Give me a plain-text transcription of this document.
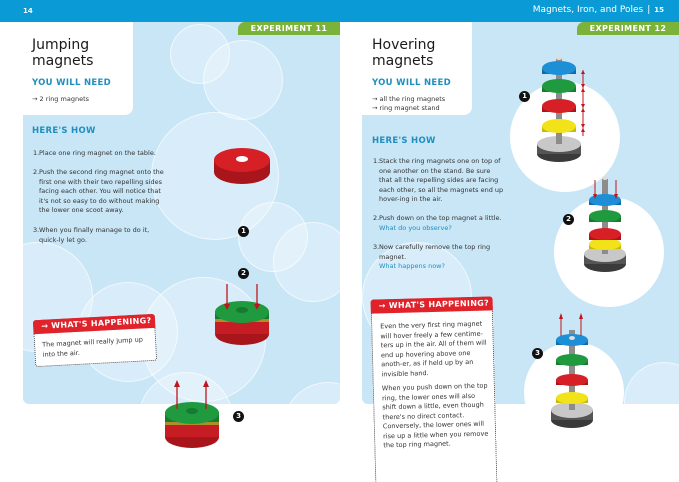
14	Magnets, Iron, and Poles | 15
EXPERIMENT 11
Jumping
magnets
YOU WILL NEED
→ 2 ring magnets
HERE'S HOW
1. Place one ring magnet on the table.
2. Push the second ring magnet onto the first one with their two repelling sides facing each other. You will notice that it's not so easy to do without making the lower one scoot away.
3. When you finally manage to do it, quick-ly let go.
→ WHAT'S HAPPENING?
The magnet will really jump up into the air.
1
2
3
EXPERIMENT 12
Hovering
magnets
YOU WILL NEED
→ all the ring magnets
→ ring magnet stand
HERE'S HOW
1. Stack the ring magnets one on top of one another on the stand. Be sure that all the repelling sides are facing each other, so all the magnets end up hover-ing in the air.
2. Push down on the top magnet a little.
What do you observe?
3. Now carefully remove the top ring magnet.
What happens now?
→ WHAT'S HAPPENING?
Even the very first ring magnet will hover freely a few centime-ters up in the air. All of them will end up hovering above one anoth-er, as if held up by an invisible hand.
When you push down on the top ring, the lower ones will also shift down a little, even though there's no direct contact. Conversely, the lower ones will rise up a little when you remove the top ring magnet.
1
2
3
